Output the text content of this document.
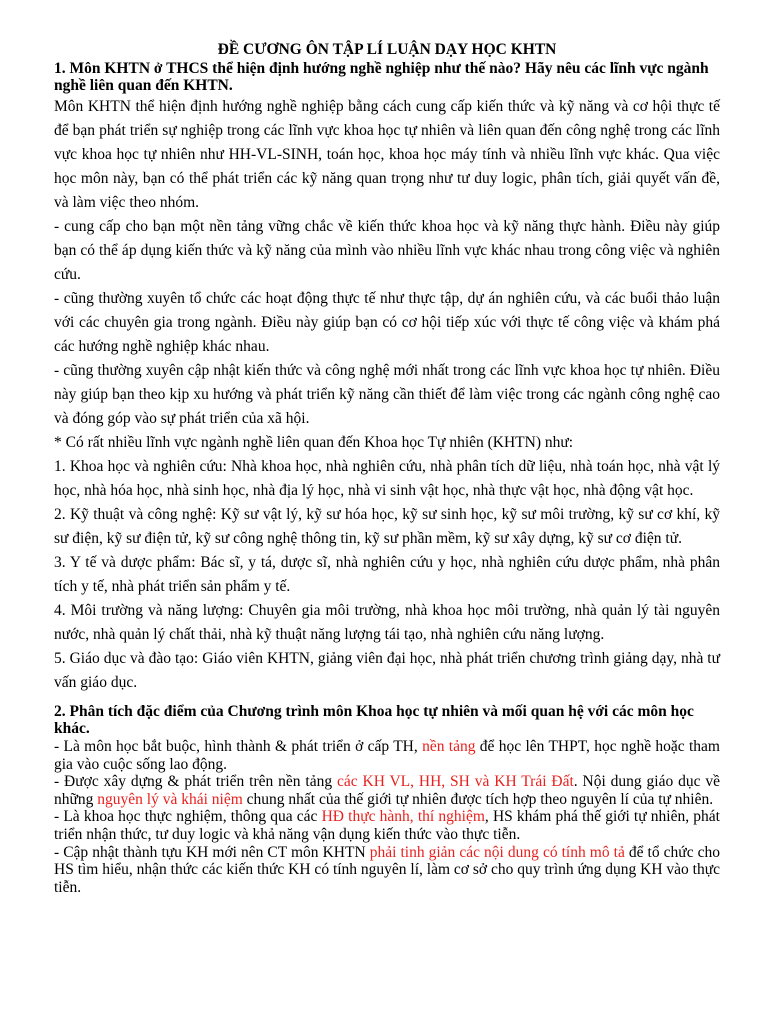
ĐỀ CƯƠNG ÔN TẬP LÍ LUẬN DẠY HỌC KHTN

1. Môn KHTN ở THCS thể hiện định hướng nghề nghiệp như thế nào? Hãy nêu các lĩnh vực ngành nghề liên quan đến KHTN.

Môn KHTN thể hiện định hướng nghề nghiệp bằng cách cung cấp kiến thức và kỹ năng và cơ hội thực tế để bạn phát triển sự nghiệp trong các lĩnh vực khoa học tự nhiên và liên quan đến công nghệ trong các lĩnh vực khoa học tự nhiên như HH-VL-SINH, toán học, khoa học máy tính và nhiều lĩnh vực khác. Qua việc học môn này, bạn có thể phát triển các kỹ năng quan trọng như tư duy logic, phân tích, giải quyết vấn đề, và làm việc theo nhóm.

- cung cấp cho bạn một nền tảng vững chắc về kiến thức khoa học và kỹ năng thực hành. Điều này giúp bạn có thể áp dụng kiến thức và kỹ năng của mình vào nhiều lĩnh vực khác nhau trong công việc và nghiên cứu.

- cũng thường xuyên tổ chức các hoạt động thực tế như thực tập, dự án nghiên cứu, và các buổi thảo luận với các chuyên gia trong ngành. Điều này giúp bạn có cơ hội tiếp xúc với thực tế công việc và khám phá các hướng nghề nghiệp khác nhau.

- cũng thường xuyên cập nhật kiến thức và công nghệ mới nhất trong các lĩnh vực khoa học tự nhiên. Điều này giúp bạn theo kịp xu hướng và phát triển kỹ năng cần thiết để làm việc trong các ngành công nghệ cao và đóng góp vào sự phát triển của xã hội.

* Có rất nhiều lĩnh vực ngành nghề liên quan đến Khoa học Tự nhiên (KHTN) như:

1. Khoa học và nghiên cứu: Nhà khoa học, nhà nghiên cứu, nhà phân tích dữ liệu, nhà toán học, nhà vật lý học, nhà hóa học, nhà sinh học, nhà địa lý học, nhà vi sinh vật học, nhà thực vật học, nhà động vật học.

2. Kỹ thuật và công nghệ: Kỹ sư vật lý, kỹ sư hóa học, kỹ sư sinh học, kỹ sư môi trường, kỹ sư cơ khí, kỹ sư điện, kỹ sư điện tử, kỹ sư công nghệ thông tin, kỹ sư phần mềm, kỹ sư xây dựng, kỹ sư cơ điện tử.

3. Y tế và dược phẩm: Bác sĩ, y tá, dược sĩ, nhà nghiên cứu y học, nhà nghiên cứu dược phẩm, nhà phân tích y tế, nhà phát triển sản phẩm y tế.

4. Môi trường và năng lượng: Chuyên gia môi trường, nhà khoa học môi trường, nhà quản lý tài nguyên nước, nhà quản lý chất thải, nhà kỹ thuật năng lượng tái tạo, nhà nghiên cứu năng lượng.

5. Giáo dục và đào tạo: Giáo viên KHTN, giảng viên đại học, nhà phát triển chương trình giảng dạy, nhà tư vấn giáo dục.

2. Phân tích đặc điểm của Chương trình môn Khoa học tự nhiên và mối quan hệ với các môn học khác.

- Là môn học bắt buộc, hình thành & phát triển ở cấp TH, nền tảng để học lên THPT, học nghề hoặc tham gia vào cuộc sống lao động.

- Được xây dựng & phát triển trên nền tảng các KH VL, HH, SH và KH Trái Đất. Nội dung giáo dục về những nguyên lý và khái niệm chung nhất của thế giới tự nhiên được tích hợp theo nguyên lí của tự nhiên.

- Là khoa học thực nghiệm, thông qua các HĐ thực hành, thí nghiệm, HS khám phá thế giới tự nhiên, phát triển nhận thức, tư duy logic và khả năng vận dụng kiến thức vào thực tiễn.

- Cập nhật thành tựu KH mới nên CT môn KHTN phải tinh giản các nội dung có tính mô tả để tổ chức cho HS tìm hiểu, nhận thức các kiến thức KH có tính nguyên lí, làm cơ sở cho quy trình ứng dụng KH vào thực tiễn.
